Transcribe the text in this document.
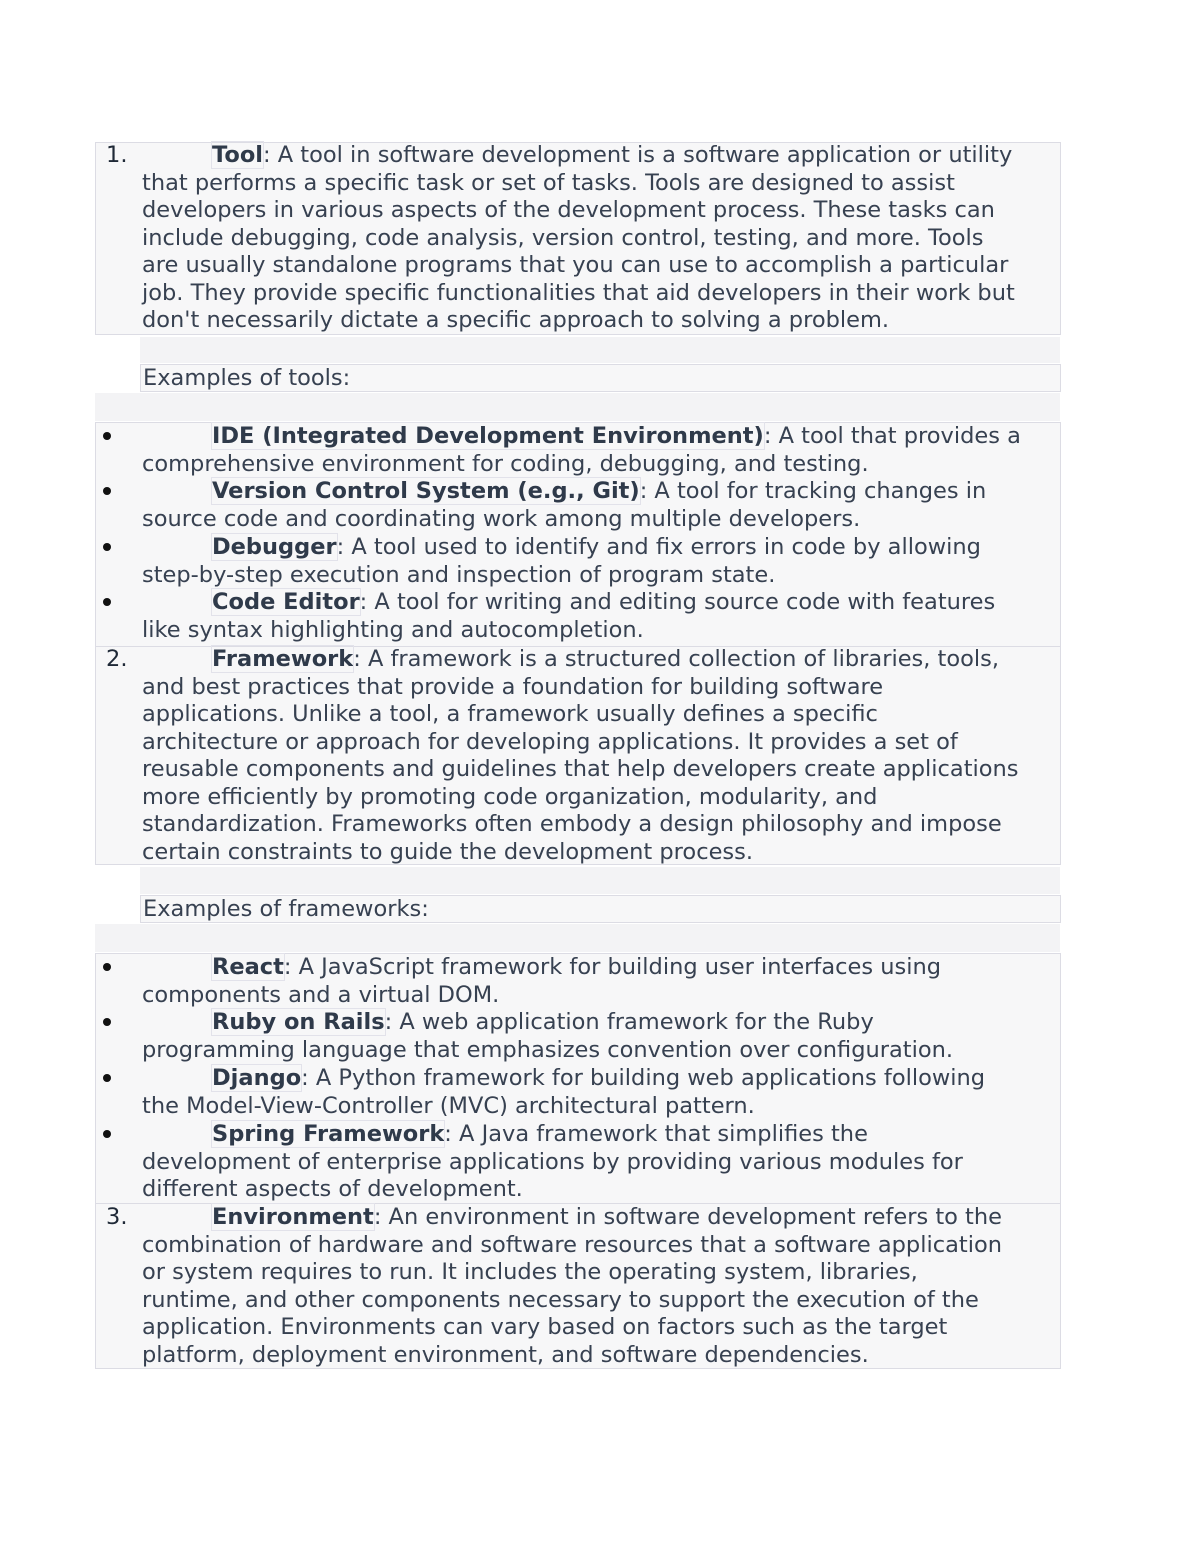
1.	Tool: A tool in software development is a software application or utility
that performs a specific task or set of tasks. Tools are designed to assist
developers in various aspects of the development process. These tasks can
include debugging, code analysis, version control, testing, and more. Tools
are usually standalone programs that you can use to accomplish a particular
job. They provide specific functionalities that aid developers in their work but
don't necessarily dictate a specific approach to solving a problem.
Examples of tools:
IDE (Integrated Development Environment): A tool that provides a
comprehensive environment for coding, debugging, and testing.
Version Control System (e.g., Git): A tool for tracking changes in
source code and coordinating work among multiple developers.
Debugger: A tool used to identify and fix errors in code by allowing
step-by-step execution and inspection of program state.
Code Editor: A tool for writing and editing source code with features
like syntax highlighting and autocompletion.
2.	Framework: A framework is a structured collection of libraries, tools,
and best practices that provide a foundation for building software
applications. Unlike a tool, a framework usually defines a specific
architecture or approach for developing applications. It provides a set of
reusable components and guidelines that help developers create applications
more efficiently by promoting code organization, modularity, and
standardization. Frameworks often embody a design philosophy and impose
certain constraints to guide the development process.
Examples of frameworks:
React: A JavaScript framework for building user interfaces using
components and a virtual DOM.
Ruby on Rails: A web application framework for the Ruby
programming language that emphasizes convention over configuration.
Django: A Python framework for building web applications following
the Model-View-Controller (MVC) architectural pattern.
Spring Framework: A Java framework that simplifies the
development of enterprise applications by providing various modules for
different aspects of development.
3.	Environment: An environment in software development refers to the
combination of hardware and software resources that a software application
or system requires to run. It includes the operating system, libraries,
runtime, and other components necessary to support the execution of the
application. Environments can vary based on factors such as the target
platform, deployment environment, and software dependencies.
